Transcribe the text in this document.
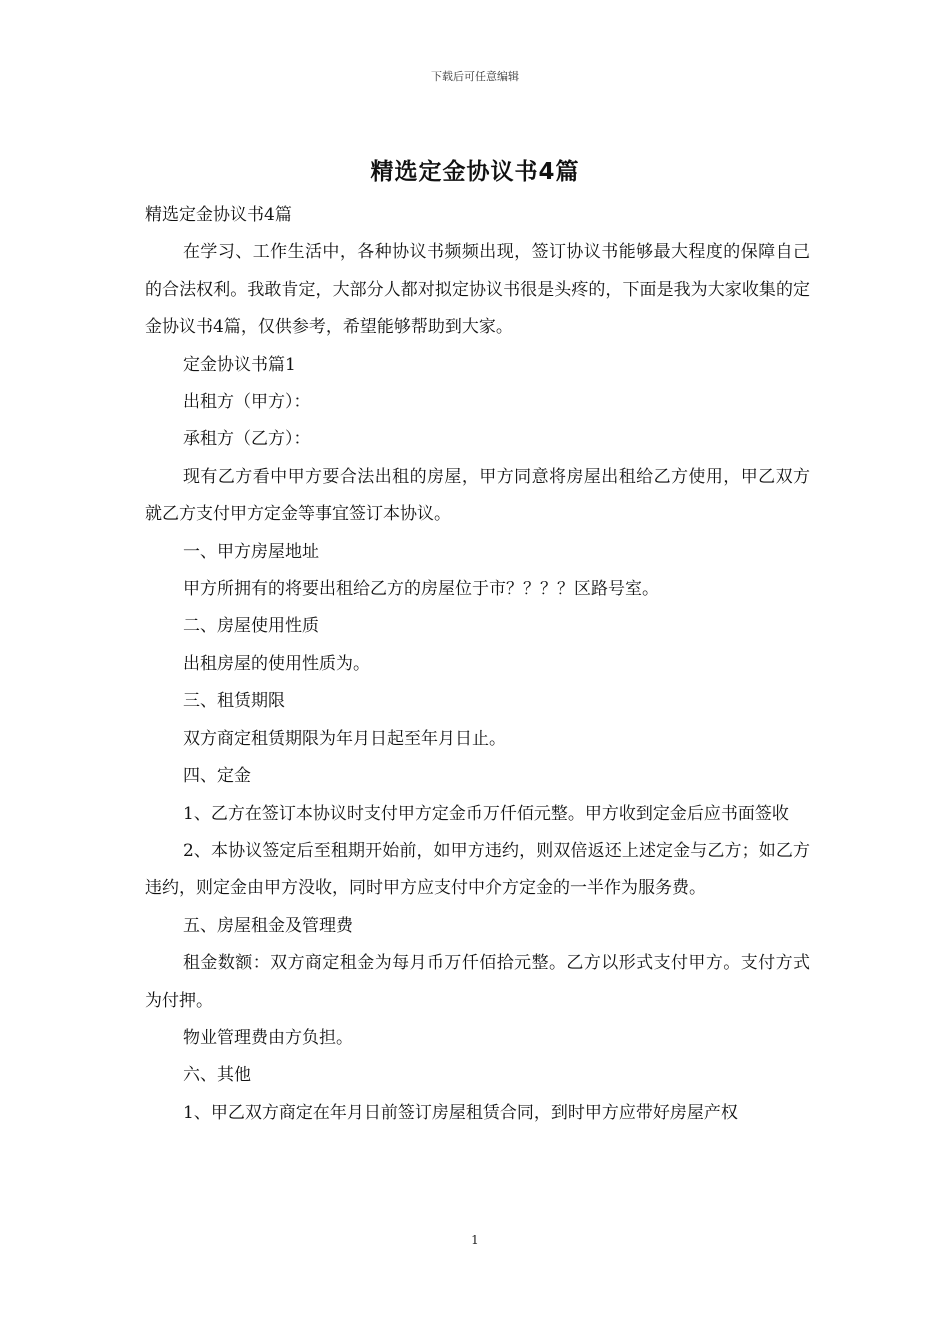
下载后可任意编辑
精选定金协议书4篇

精选定金协议书4篇

在学习、工作生活中，各种协议书频频出现，签订协议书能够最大程度的保障自己的合法权利。我敢肯定，大部分人都对拟定协议书很是头疼的，下面是我为大家收集的定金协议书4篇，仅供参考，希望能够帮助到大家。

定金协议书篇1

出租方（甲方）：

承租方（乙方）：

现有乙方看中甲方要合法出租的房屋，甲方同意将房屋出租给乙方使用，甲乙双方就乙方支付甲方定金等事宜签订本协议。

一、甲方房屋地址

甲方所拥有的将要出租给乙方的房屋位于市？？？？区路号室。

二、房屋使用性质

出租房屋的使用性质为。

三、租赁期限

双方商定租赁期限为年月日起至年月日止。

四、定金

1、乙方在签订本协议时支付甲方定金币万仟佰元整。甲方收到定金后应书面签收

2、本协议签定后至租期开始前，如甲方违约，则双倍返还上述定金与乙方；如乙方违约，则定金由甲方没收，同时甲方应支付中介方定金的一半作为服务费。

五、房屋租金及管理费

租金数额：双方商定租金为每月币万仟佰拾元整。乙方以形式支付甲方。支付方式为付押。

物业管理费由方负担。

六、其他

1、甲乙双方商定在年月日前签订房屋租赁合同，到时甲方应带好房屋产权

1
